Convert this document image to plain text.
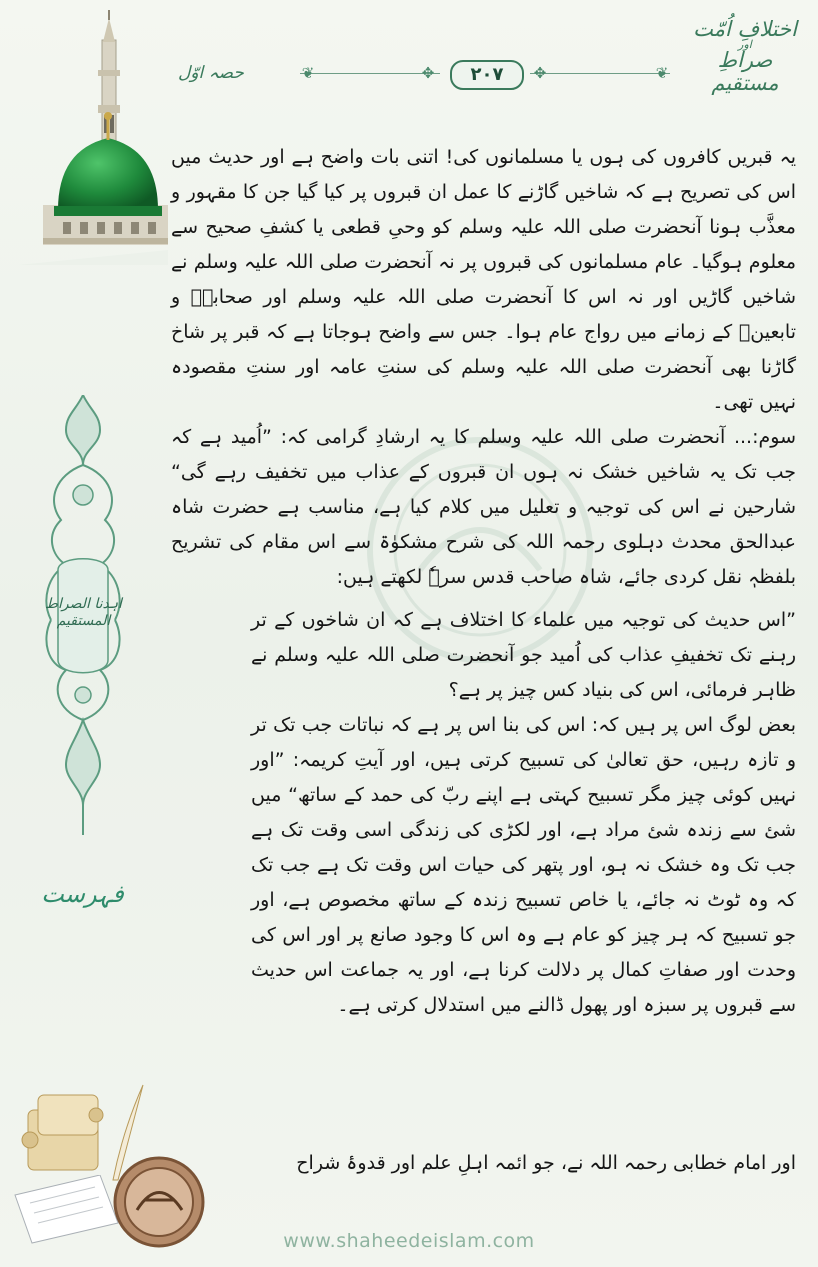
اختلافِ اُمّت
اور
صراطِ مستقیم
❦	✥	✥	❦
۲۰۷
حصہ اوّل
اہدنا الصراط
المستقیم
فہرست

یہ قبریں کافروں کی ہوں یا مسلمانوں کی! اتنی بات واضح ہے اور حدیث میں اس کی تصریح ہے کہ شاخیں گاڑنے کا عمل ان قبروں پر کیا گیا جن کا مقہور و معذَّب ہونا آنحضرت صلی اللہ علیہ وسلم کو وحیِ قطعی یا کشفِ صحیح سے معلوم ہوگیا۔ عام مسلمانوں کی قبروں پر نہ آنحضرت صلی اللہ علیہ وسلم نے شاخیں گاڑیں اور نہ اس کا آنحضرت صلی اللہ علیہ وسلم اور صحابہؓ و تابعینؒ کے زمانے میں رواج عام ہوا۔ جس سے واضح ہوجاتا ہے کہ قبر پر شاخ گاڑنا بھی آنحضرت صلی اللہ علیہ وسلم کی سنتِ عامہ اور سنتِ مقصودہ نہیں تھی۔

سوم:... آنحضرت صلی اللہ علیہ وسلم کا یہ ارشادِ گرامی کہ: ”اُمید ہے کہ جب تک یہ شاخیں خشک نہ ہوں ان قبروں کے عذاب میں تخفیف رہے گی“ شارحین نے اس کی توجیہ و تعلیل میں کلام کیا ہے، مناسب ہے حضرت شاہ عبدالحق محدث دہلوی رحمہ اللہ کی شرح مشکوٰۃ سے اس مقام کی تشریح بلفظہٖ نقل کردی جائے، شاہ صاحب قدس سرہٗ لکھتے ہیں:

”اس حدیث کی توجیہ میں علماء کا اختلاف ہے کہ ان شاخوں کے تر رہنے تک تخفیفِ عذاب کی اُمید جو آنحضرت صلی اللہ علیہ وسلم نے ظاہر فرمائی، اس کی بنیاد کس چیز پر ہے؟

بعض لوگ اس پر ہیں کہ: اس کی بنا اس پر ہے کہ نباتات جب تک تر و تازہ رہیں، حق تعالیٰ کی تسبیح کرتی ہیں، اور آیتِ کریمہ: ”اور نہیں کوئی چیز مگر تسبیح کہتی ہے اپنے ربّ کی حمد کے ساتھ“ میں شئ سے زندہ شئ مراد ہے، اور لکڑی کی زندگی اسی وقت تک ہے جب تک وہ خشک نہ ہو، اور پتھر کی حیات اس وقت تک ہے جب تک کہ وہ ٹوٹ نہ جائے، یا خاص تسبیح زندہ کے ساتھ مخصوص ہے، اور جو تسبیح کہ ہر چیز کو عام ہے وہ اس کا وجود صانع پر اور اس کی وحدت اور صفاتِ کمال پر دلالت کرنا ہے، اور یہ جماعت اس حدیث سے قبروں پر سبزہ اور پھول ڈالنے میں استدلال کرتی ہے۔

اور امام خطابی رحمہ اللہ نے، جو ائمہ اہلِ علم اور قدوۂ شراح
www.shaheedeislam.com
